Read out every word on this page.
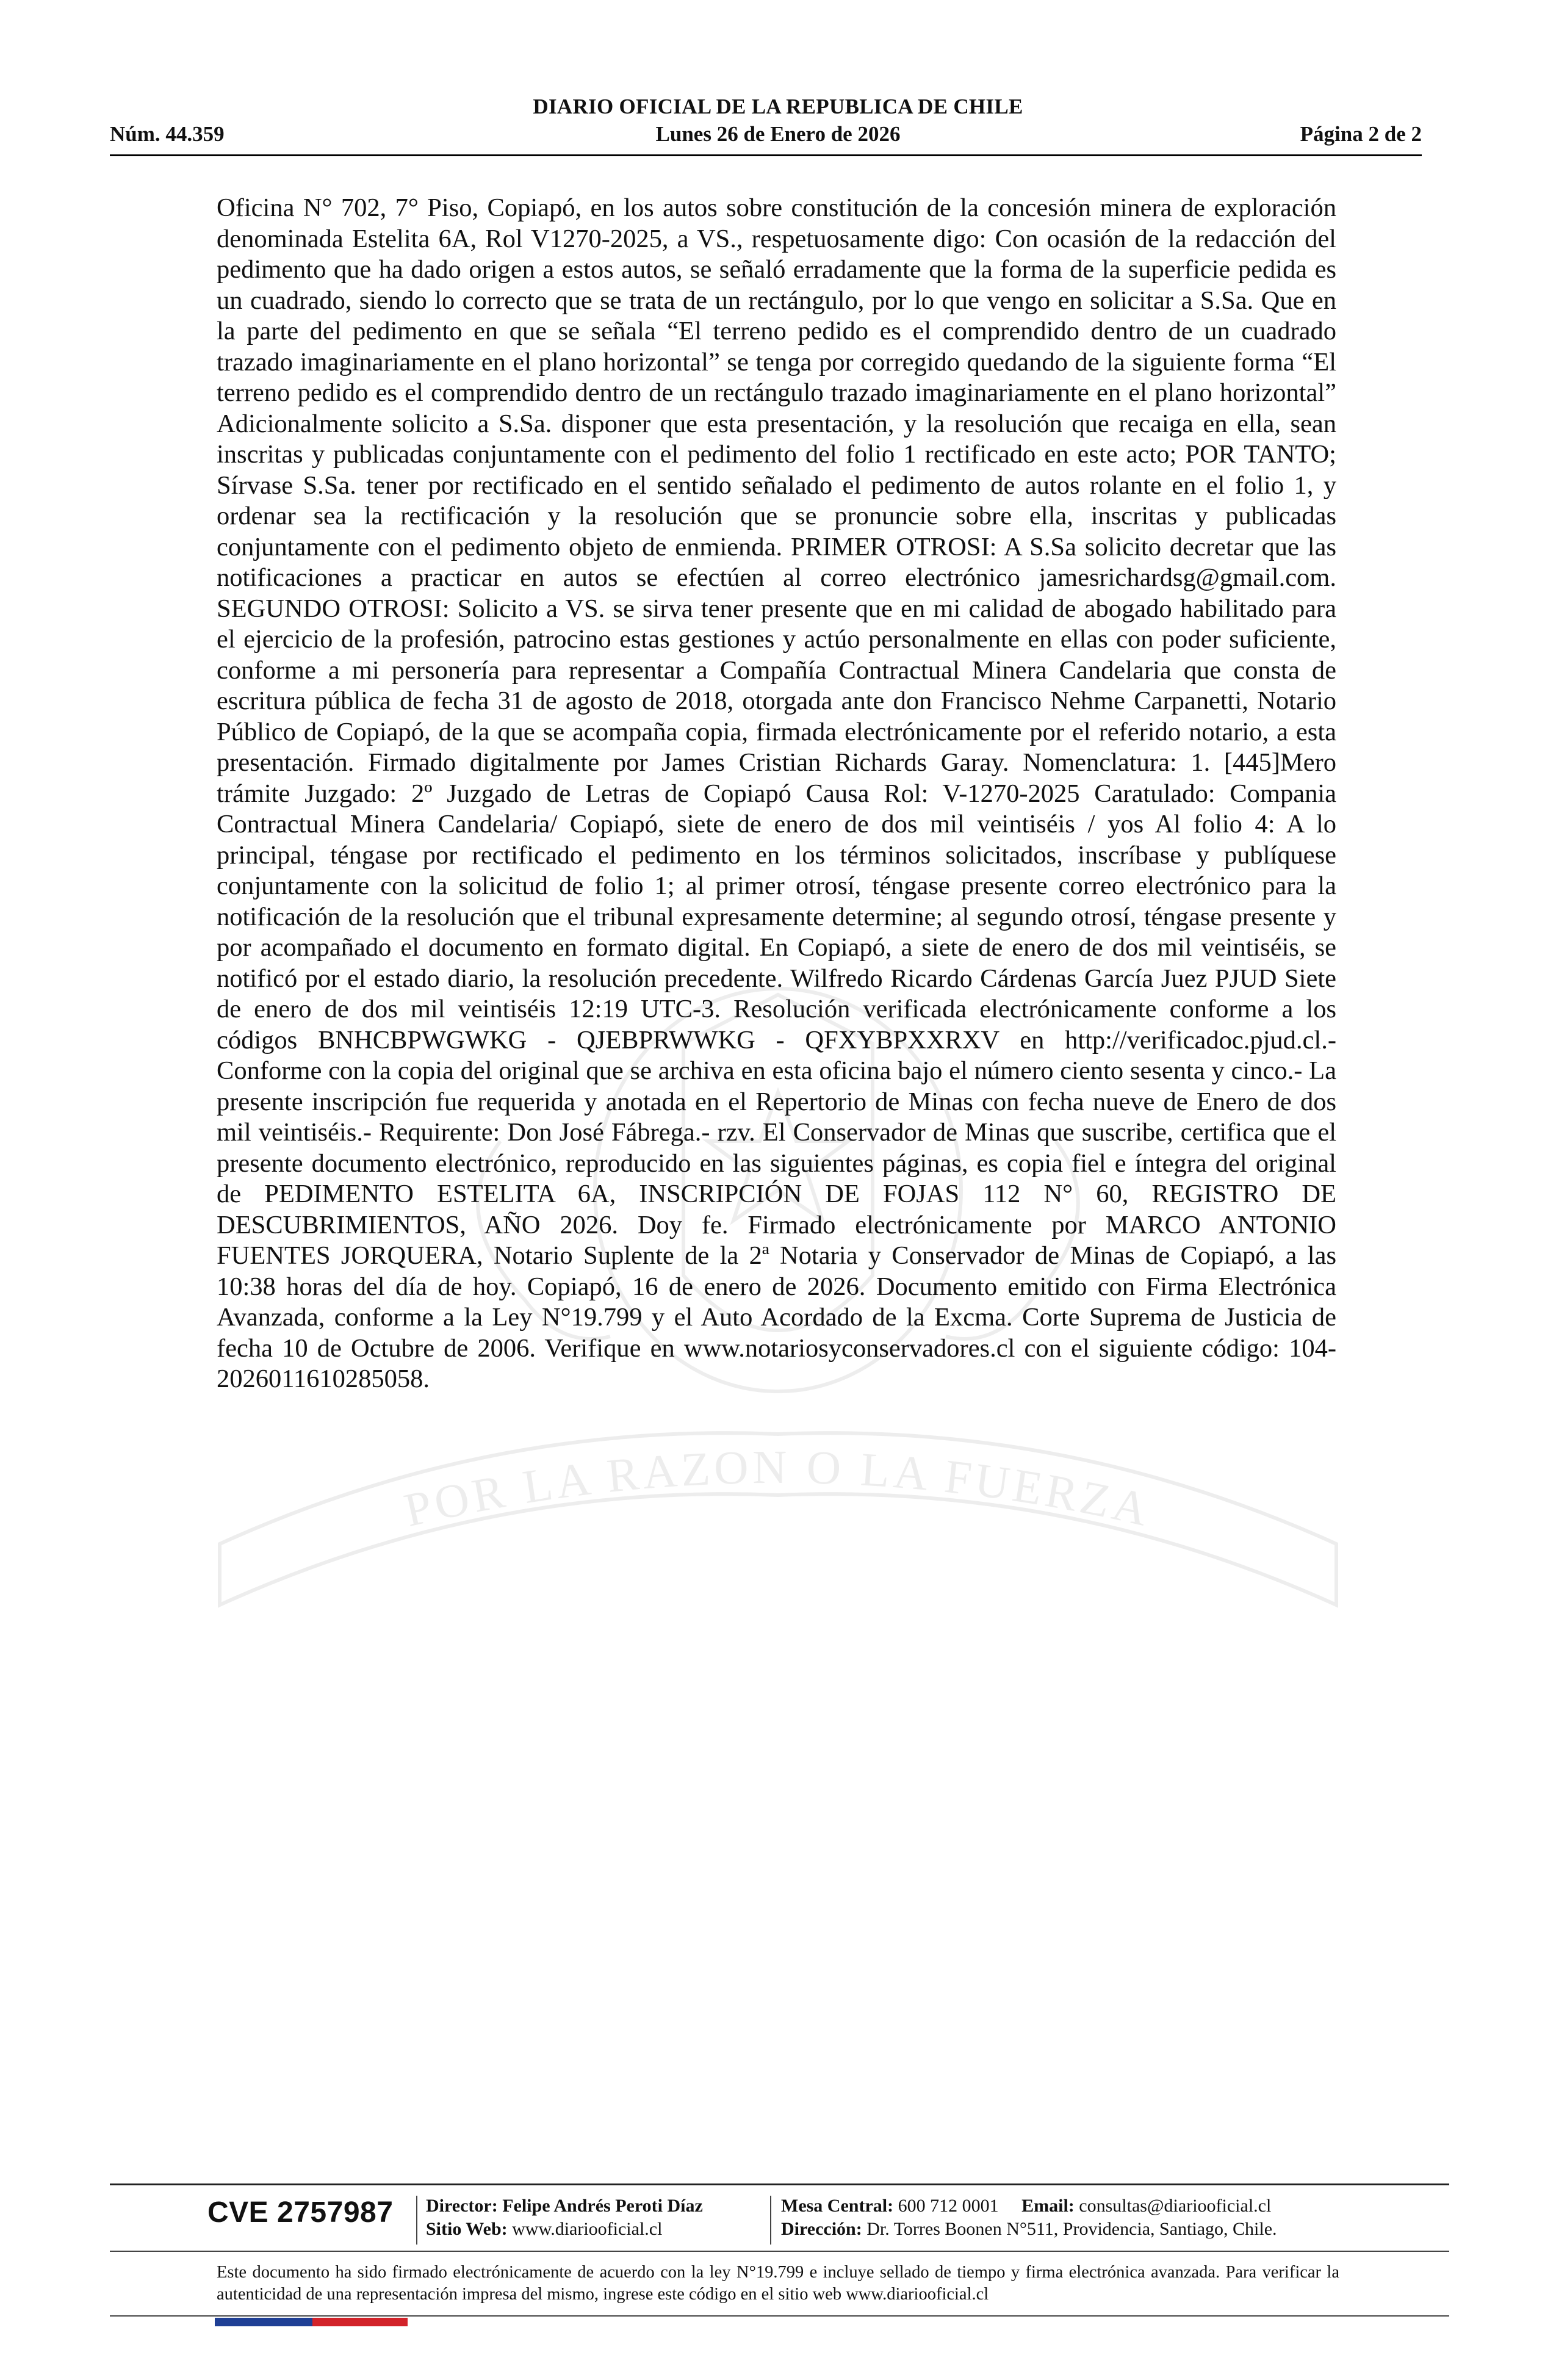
DIARIO OFICIAL DE LA REPUBLICA DE CHILE
Núm. 44.359	Lunes 26 de Enero de 2026	Página 2 de 2
POR LA RAZON O LA FUERZA
Oficina N° 702, 7° Piso, Copiapó, en los autos sobre constitución de la concesión minera de exploración denominada Estelita 6A, Rol V1270-2025, a VS., respetuosamente digo: Con ocasión de la redacción del pedimento que ha dado origen a estos autos, se señaló erradamente que la forma de la superficie pedida es un cuadrado, siendo lo correcto que se trata de un rectángulo, por lo que vengo en solicitar a S.Sa. Que en la parte del pedimento en que se señala “El terreno pedido es el comprendido dentro de un cuadrado trazado imaginariamente en el plano horizontal” se tenga por corregido quedando de la siguiente forma “El terreno pedido es el comprendido dentro de un rectángulo trazado imaginariamente en el plano horizontal” Adicionalmente solicito a S.Sa. disponer que esta presentación, y la resolución que recaiga en ella, sean inscritas y publicadas conjuntamente con el pedimento del folio 1 rectificado en este acto; POR TANTO; Sírvase S.Sa. tener por rectificado en el sentido señalado el pedimento de autos rolante en el folio 1, y ordenar sea la rectificación y la resolución que se pronuncie sobre ella, inscritas y publicadas conjuntamente con el pedimento objeto de enmienda. PRIMER OTROSI: A S.Sa solicito decretar que las notificaciones a practicar en autos se efectúen al correo electrónico jamesrichardsg@gmail.com. SEGUNDO OTROSI: Solicito a VS. se sirva tener presente que en mi calidad de abogado habilitado para el ejercicio de la profesión, patrocino estas gestiones y actúo personalmente en ellas con poder suficiente, conforme a mi personería para representar a Compañía Contractual Minera Candelaria que consta de escritura pública de fecha 31 de agosto de 2018, otorgada ante don Francisco Nehme Carpanetti, Notario Público de Copiapó, de la que se acompaña copia, firmada electrónicamente por el referido notario, a esta presentación. Firmado digitalmente por James Cristian Richards Garay. Nomenclatura: 1. [445]Mero trámite Juzgado: 2º Juzgado de Letras de Copiapó Causa Rol: V-1270-2025 Caratulado: Compania Contractual Minera Candelaria/ Copiapó, siete de enero de dos mil veintiséis / yos Al folio 4: A lo principal, téngase por rectificado el pedimento en los términos solicitados, inscríbase y publíquese conjuntamente con la solicitud de folio 1; al primer otrosí, téngase presente correo electrónico para la notificación de la resolución que el tribunal expresamente determine; al segundo otrosí, téngase presente y por acompañado el documento en formato digital. En Copiapó, a siete de enero de dos mil veintiséis, se notificó por el estado diario, la resolución precedente. Wilfredo Ricardo Cárdenas García Juez PJUD Siete de enero de dos mil veintiséis 12:19 UTC-3. Resolución verificada electrónicamente conforme a los códigos BNHCBPWGWKG - QJEBPRWWKG - QFXYBPXXRXV en http://verificadoc.pjud.cl.- Conforme con la copia del original que se archiva en esta oficina bajo el número ciento sesenta y cinco.- La presente inscripción fue requerida y anotada en el Repertorio de Minas con fecha nueve de Enero de dos mil veintiséis.- Requirente: Don José Fábrega.- rzv. El Conservador de Minas que suscribe, certifica que el presente documento electrónico, reproducido en las siguientes páginas, es copia fiel e íntegra del original de PEDIMENTO ESTELITA 6A, INSCRIPCIÓN DE FOJAS 112 N° 60, REGISTRO DE DESCUBRIMIENTOS, AÑO 2026. Doy fe. Firmado electrónicamente por MARCO ANTONIO FUENTES JORQUERA, Notario Suplente de la 2ª Notaria y Conservador de Minas de Copiapó, a las 10:38 horas del día de hoy. Copiapó, 16 de enero de 2026. Documento emitido con Firma Electrónica Avanzada, conforme a la Ley N°19.799 y el Auto Acordado de la Excma. Corte Suprema de Justicia de fecha 10 de Octubre de 2006. Verifique en www.notariosyconservadores.cl con el siguiente código: 104-2026011610285058.
CVE 2757987 Director: Felipe Andrés Peroti Díaz
Sitio Web: www.diariooficial.cl
Mesa Central: 600 712 0001 Email: consultas@diariooficial.cl
Dirección: Dr. Torres Boonen N°511, Providencia, Santiago, Chile.
Este documento ha sido firmado electrónicamente de acuerdo con la ley N°19.799 e incluye sellado de tiempo y firma electrónica avanzada. Para verificar la autenticidad de una representación impresa del mismo, ingrese este código en el sitio web www.diariooficial.cl
